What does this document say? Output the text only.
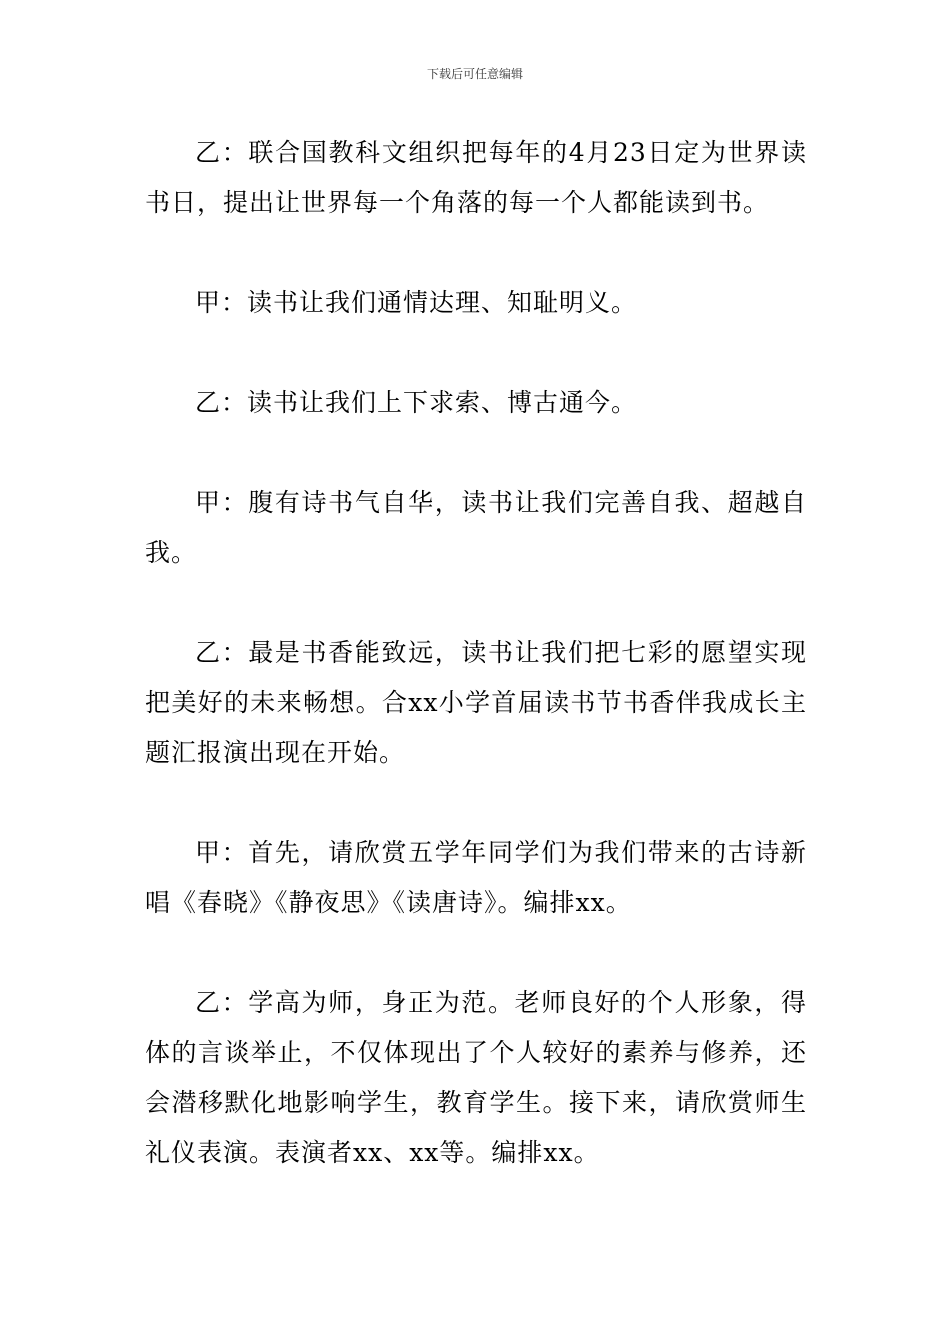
下载后可任意编辑

乙：联合国教科文组织把每年的4月23日定为世界读书日，提出让世界每一个角落的每一个人都能读到书。

甲：读书让我们通情达理、知耻明义。

乙：读书让我们上下求索、博古通今。

甲：腹有诗书气自华，读书让我们完善自我、超越自我。

乙：最是书香能致远，读书让我们把七彩的愿望实现把美好的未来畅想。合xx小学首届读书节书香伴我成长主题汇报演出现在开始。

甲：首先，请欣赏五学年同学们为我们带来的古诗新唱《春晓》《静夜思》《读唐诗》。编排xx。

乙：学高为师，身正为范。老师良好的个人形象，得体的言谈举止，不仅体现出了个人较好的素养与修养，还会潜移默化地影响学生，教育学生。接下来，请欣赏师生礼仪表演。表演者xx、xx等。编排xx。
